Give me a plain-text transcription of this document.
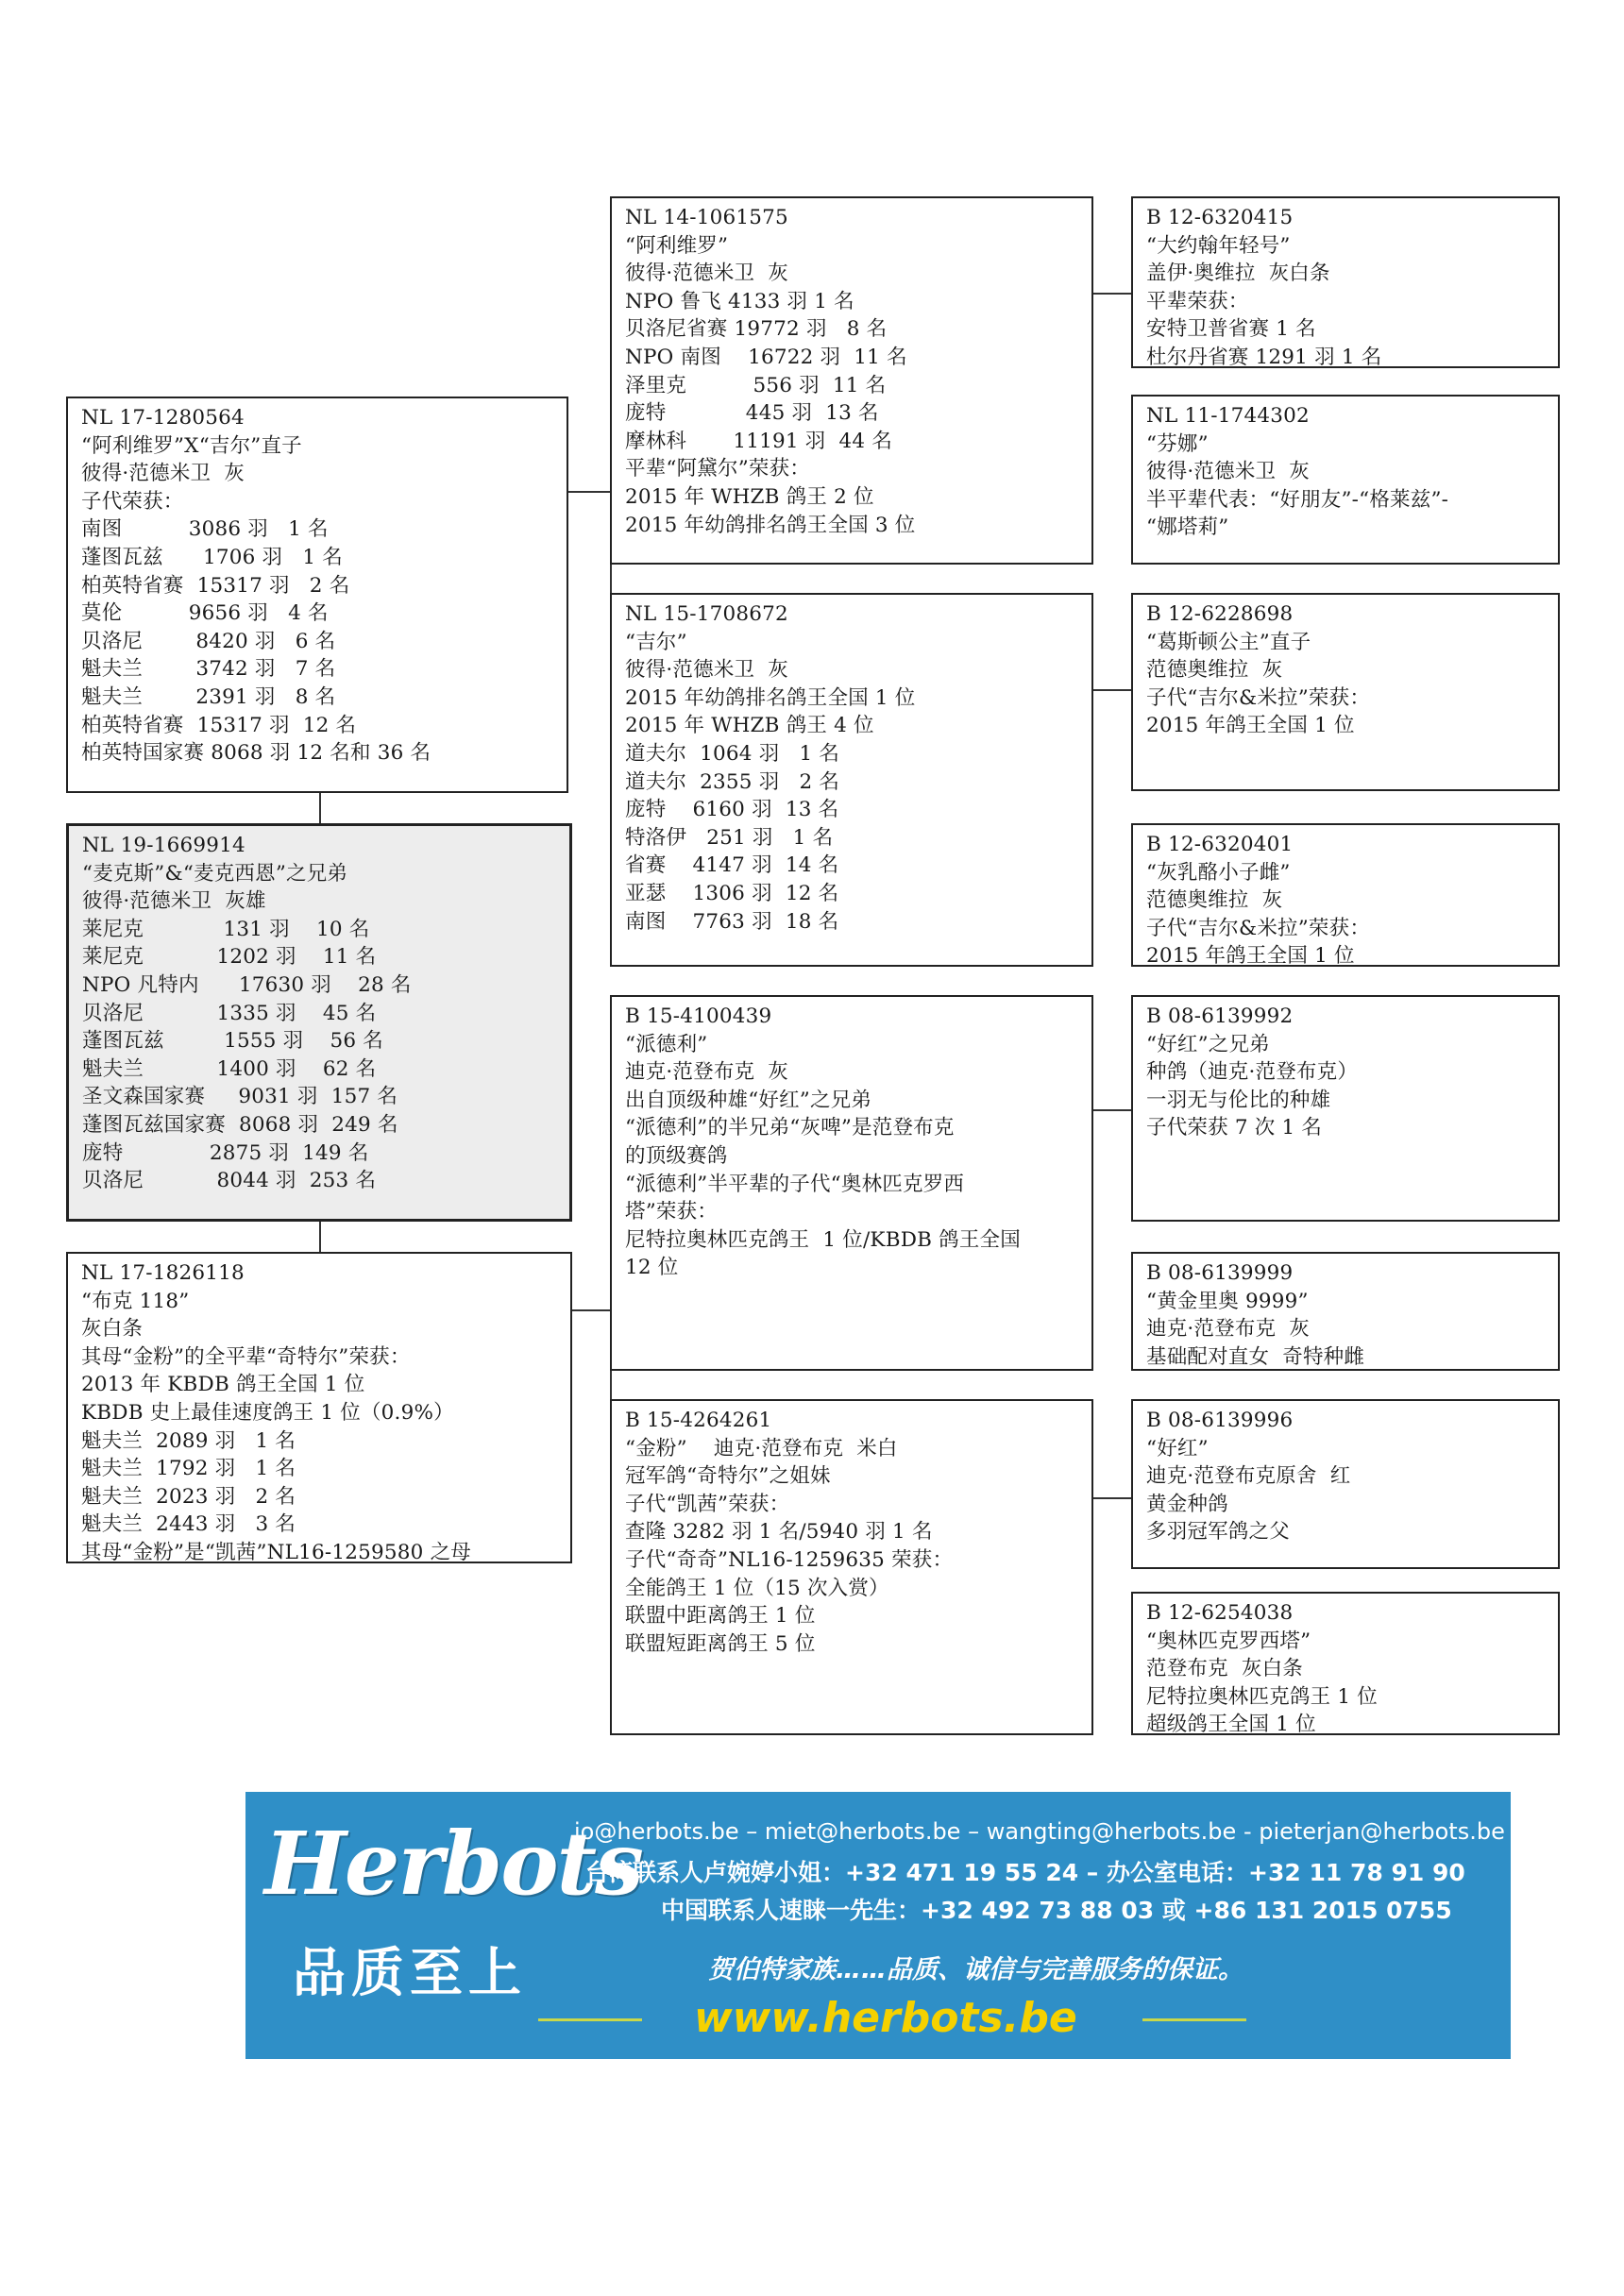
NL 17-1280564
“阿利维罗”X“吉尔”直子
彼得·范德米卫  灰
子代荣获：
南图          3086 羽   1 名
蓬图瓦兹      1706 羽   1 名
柏英特省赛  15317 羽   2 名
莫伦          9656 羽   4 名
贝洛尼        8420 羽   6 名
魁夫兰        3742 羽   7 名
魁夫兰        2391 羽   8 名
柏英特省赛  15317 羽  12 名
柏英特国家赛 8068 羽 12 名和 36 名
NL 19-1669914
“麦克斯”&“麦克西恩”之兄弟
彼得·范德米卫  灰雄
莱尼克            131 羽    10 名
莱尼克           1202 羽    11 名
NPO 凡特内      17630 羽    28 名
贝洛尼           1335 羽    45 名
蓬图瓦兹         1555 羽    56 名
魁夫兰           1400 羽    62 名
圣文森国家赛     9031 羽  157 名
蓬图瓦兹国家赛  8068 羽  249 名
庞特             2875 羽  149 名
贝洛尼           8044 羽  253 名
NL 17-1826118
“布克 118”
灰白条
其母“金粉”的全平辈“奇特尔”荣获：
2013 年 KBDB 鸽王全国 1 位
KBDB 史上最佳速度鸽王 1 位（0.9%）
魁夫兰  2089 羽   1 名
魁夫兰  1792 羽   1 名
魁夫兰  2023 羽   2 名
魁夫兰  2443 羽   3 名
其母“金粉”是“凯茜”NL16-1259580 之母
NL 14-1061575
“阿利维罗”
彼得·范德米卫  灰
NPO 鲁飞 4133 羽 1 名
贝洛尼省赛 19772 羽   8 名
NPO 南图    16722 羽  11 名
泽里克          556 羽  11 名
庞特            445 羽  13 名
摩林科       11191 羽  44 名
平辈“阿黛尔”荣获：
2015 年 WHZB 鸽王 2 位
2015 年幼鸽排名鸽王全国 3 位
NL 15-1708672
“吉尔”
彼得·范德米卫  灰
2015 年幼鸽排名鸽王全国 1 位
2015 年 WHZB 鸽王 4 位
道夫尔  1064 羽   1 名
道夫尔  2355 羽   2 名
庞特    6160 羽  13 名
特洛伊   251 羽   1 名
省赛    4147 羽  14 名
亚瑟    1306 羽  12 名
南图    7763 羽  18 名
B 15-4100439
“派德利”
迪克·范登布克  灰
出自顶级种雄“好红”之兄弟
“派德利”的半兄弟“灰啤”是范登布克
的顶级赛鸽
“派德利”半平辈的子代“奥林匹克罗西
塔”荣获：
尼特拉奥林匹克鸽王  1 位/KBDB 鸽王全国
12 位
B 15-4264261
“金粉”    迪克·范登布克  米白
冠军鸽“奇特尔”之姐妹
子代“凯茜”荣获：
查隆 3282 羽 1 名/5940 羽 1 名
子代“奇奇”NL16-1259635 荣获：
全能鸽王 1 位（15 次入赏）
联盟中距离鸽王 1 位
联盟短距离鸽王 5 位
B 12-6320415
“大约翰年轻号”
盖伊·奥维拉  灰白条
平辈荣获：
安特卫普省赛 1 名
杜尔丹省赛 1291 羽 1 名
NL 11-1744302
“芬娜”
彼得·范德米卫  灰
半平辈代表：“好朋友”-“格莱兹”-
“娜塔莉”
B 12-6228698
“葛斯顿公主”直子
范德奥维拉  灰
子代“吉尔&米拉”荣获：
2015 年鸽王全国 1 位
B 12-6320401
“灰乳酪小子雌”
范德奥维拉  灰
子代“吉尔&米拉”荣获：
2015 年鸽王全国 1 位
B 08-6139992
“好红”之兄弟
种鸽（迪克·范登布克）
一羽无与伦比的种雄
子代荣获 7 次 1 名
B 08-6139999
“黄金里奥 9999”
迪克·范登布克  灰
基础配对直女  奇特种雌
B 08-6139996
“好红”
迪克·范登布克原舍  红
黄金种鸽
多羽冠军鸽之父
B 12-6254038
“奥林匹克罗西塔”
范登布克  灰白条
尼特拉奥林匹克鸽王 1 位
超级鸽王全国 1 位
Herbots
品质至上
jo@herbots.be – miet@herbots.be – wangting@herbots.be - pieterjan@herbots.be
台湾联系人卢婉婷小姐：+32 471 19 55 24 – 办公室电话：+32 11 78 91 90
中国联系人速睐一先生：+32 492 73 88 03 或 +86 131 2015 0755
贺伯特家族……品质、诚信与完善服务的保证。
www.herbots.be
